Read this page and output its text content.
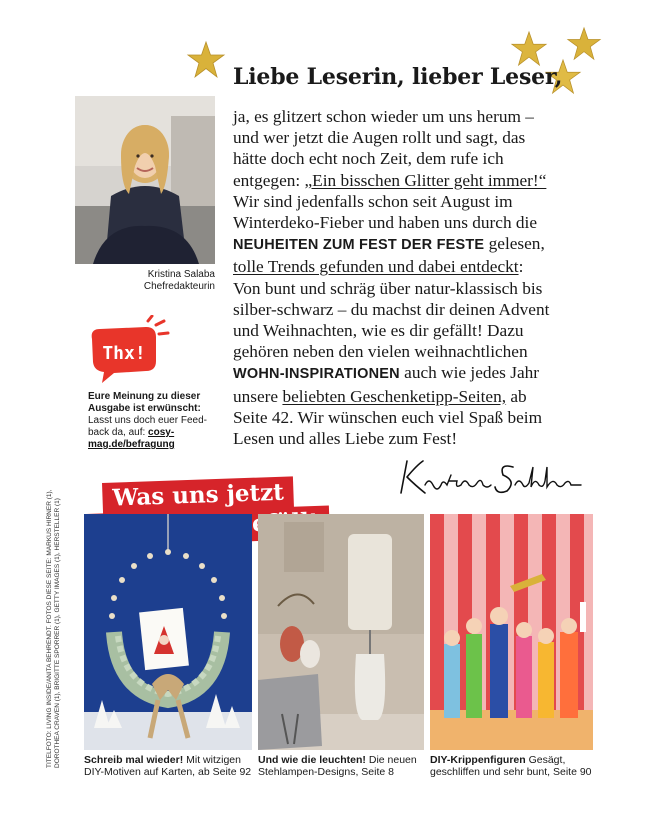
Kristina Salaba
Chefredakteurin
Thx!
Eure Meinung zu dieser Ausgabe ist erwünscht: Lasst uns doch euer Feed-back da, auf: cosy-mag.de/befragung
Liebe Leserin, lieber Leser,
ja, es glitzert schon wieder um uns herum –
und wer jetzt die Augen rollt und sagt, das
hätte doch echt noch Zeit, dem rufe ich
entgegen: „Ein bisschen Glitter geht immer!“
Wir sind jedenfalls schon seit August im
Winterdeko-Fieber und haben uns durch die
NEUHEITEN ZUM FEST DER FESTE gelesen,
tolle Trends gefunden und dabei entdeckt:
Von bunt und schräg über natur-klassisch bis
silber-schwarz – du machst dir deinen Advent
und Weihnachten, wie es dir gefällt! Dazu
gehören neben den vielen weihnachtlichen
WOHN-INSPIRATIONEN auch wie jedes Jahr
unsere beliebten Geschenketipp-Seiten, ab
Seite 42. Wir wünschen euch viel Spaß beim
Lesen und alles Liebe zum Fest!
TITELFOTO: LIVING INSIDE/ANITA BEHRENDT. FOTOS DIESE SEITE: MARKUS HIRNER (1), DOROTHEA CRAVEN (1), BRIGITTE SPORRER (1), GETTY IMAGES (1), HERSTELLER (1)
Was uns jetzt
Schreib mal wieder! Mit witzigen DIY-Motiven auf Karten, ab Seite 92
Und wie die leuchten! Die neuen Stehlampen-Designs, Seite 8
DIY-Krippenfiguren Gesägt, geschliffen und sehr bunt, Seite 90
